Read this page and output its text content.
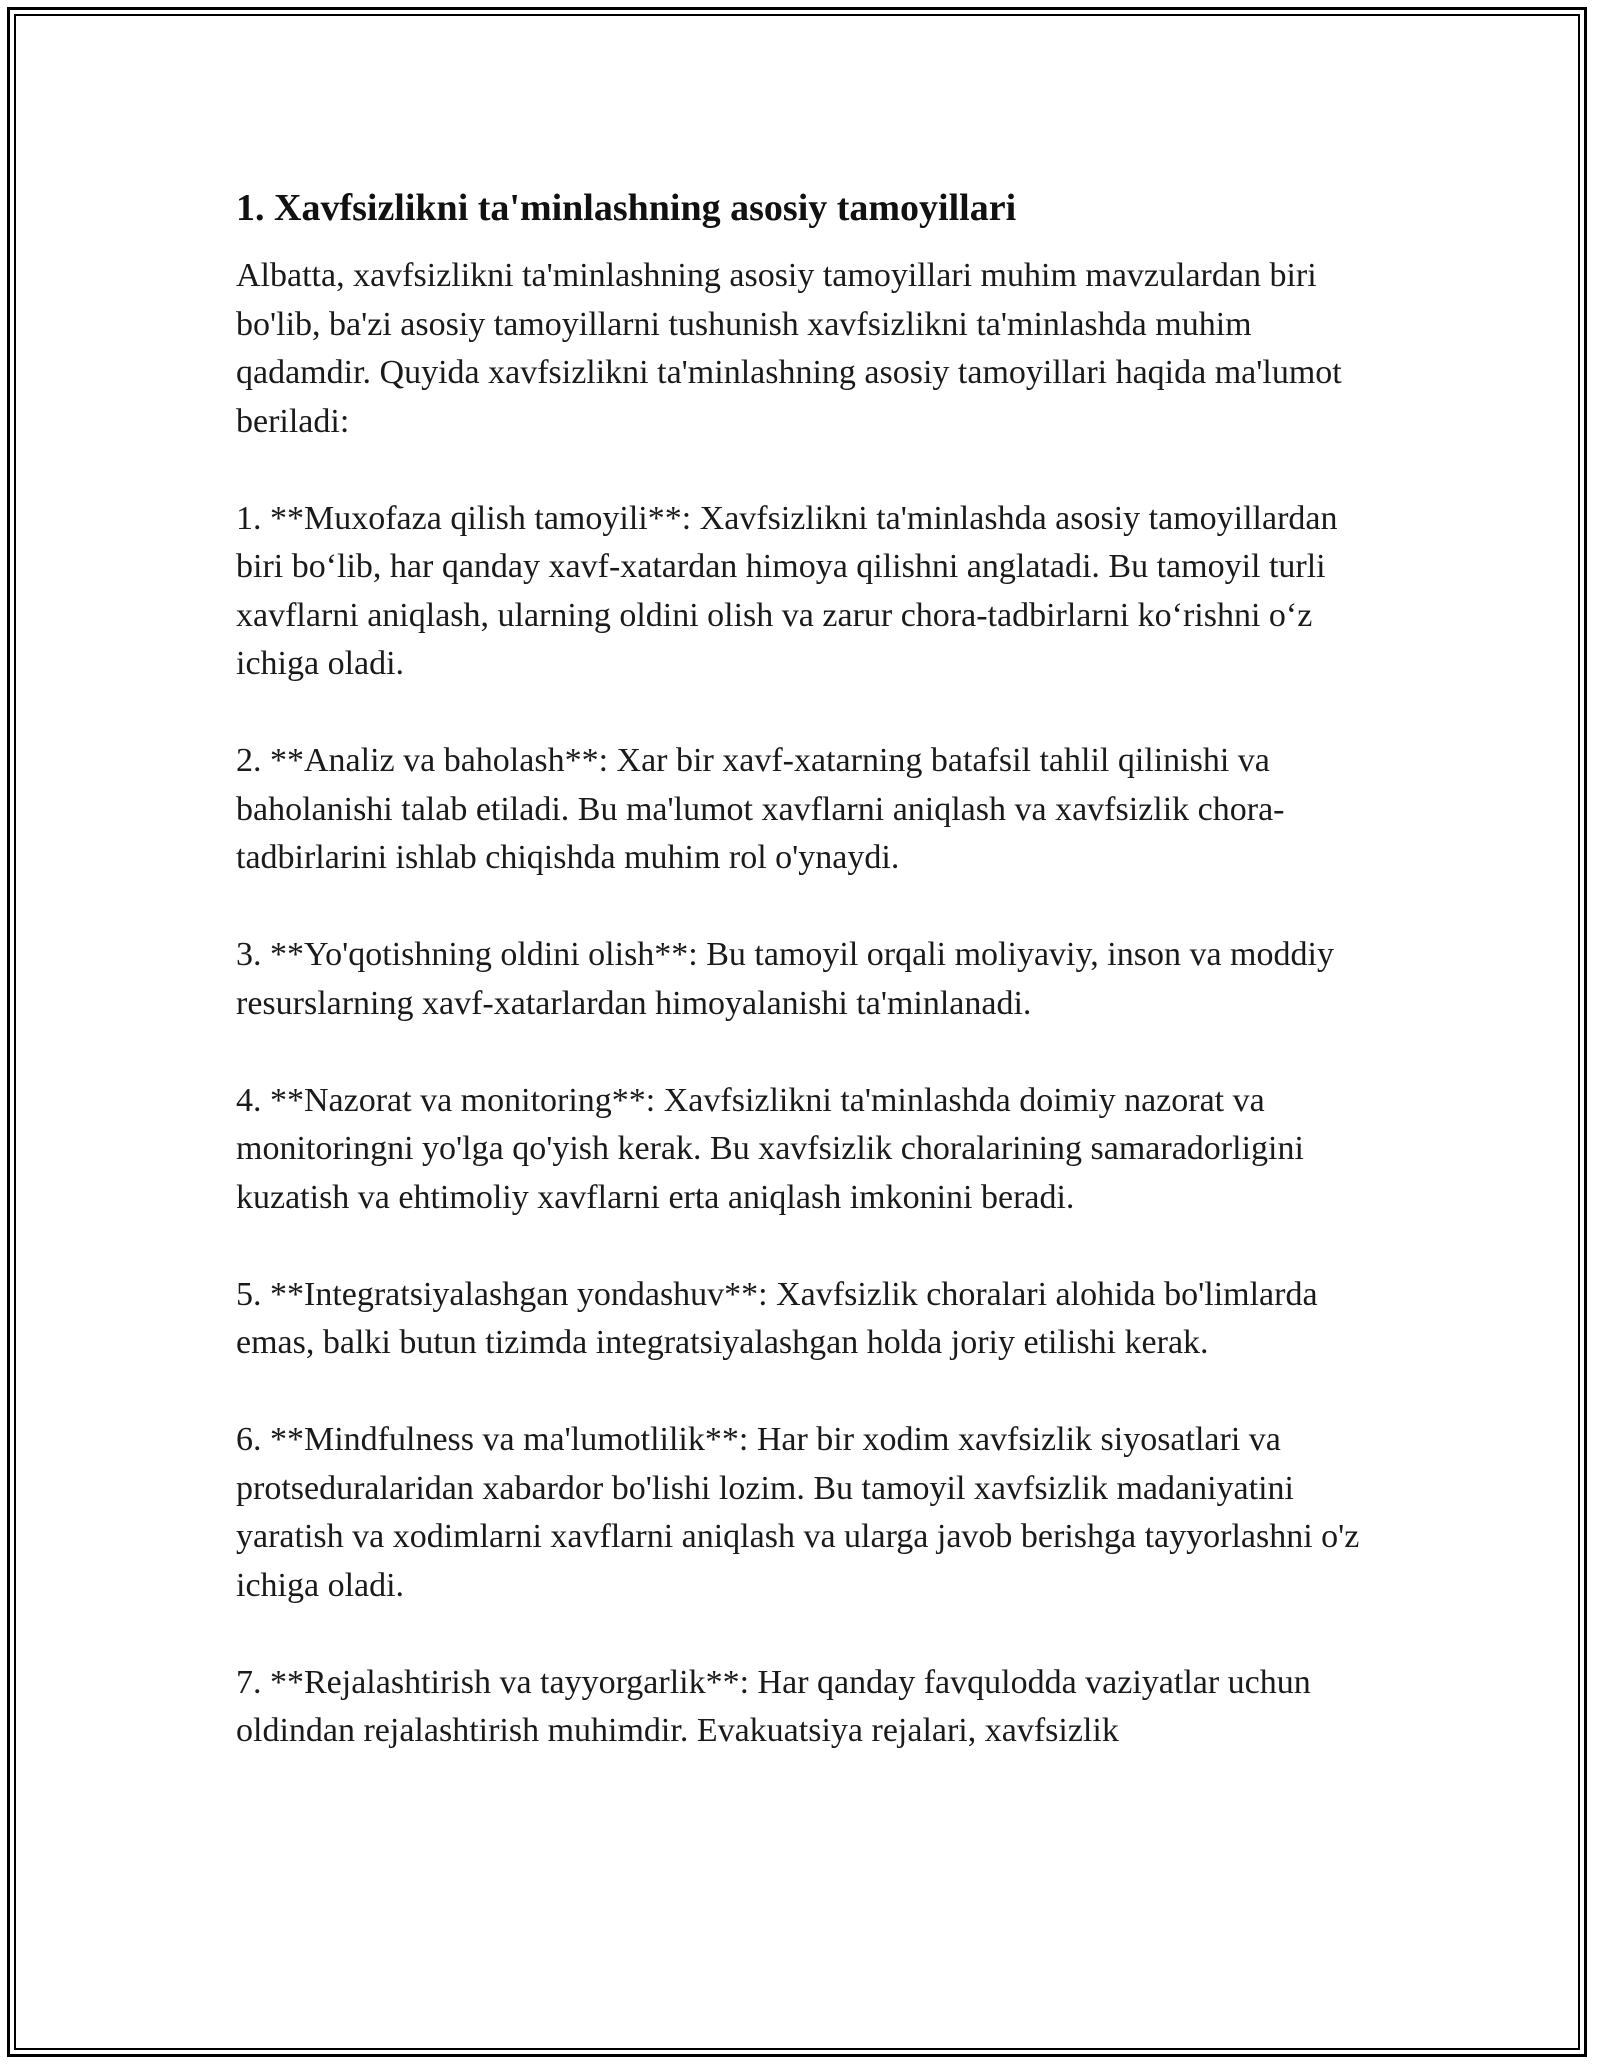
1. Xavfsizlikni ta'minlashning asosiy tamoyillari

Albatta, xavfsizlikni ta'minlashning asosiy tamoyillari muhim mavzulardan biri bo'lib, ba'zi asosiy tamoyillarni tushunish xavfsizlikni ta'minlashda muhim qadamdir. Quyida xavfsizlikni ta'minlashning asosiy tamoyillari haqida ma'lumot beriladi:

1. **Muxofaza qilish tamoyili**: Xavfsizlikni ta'minlashda asosiy tamoyillardan biri bo‘lib, har qanday xavf-xatardan himoya qilishni anglatadi. Bu tamoyil turli xavflarni aniqlash, ularning oldini olish va zarur chora-tadbirlarni ko‘rishni o‘z ichiga oladi.

2. **Analiz va baholash**: Xar bir xavf-xatarning batafsil tahlil qilinishi va baholanishi talab etiladi. Bu ma'lumot xavflarni aniqlash va xavfsizlik chora-tadbirlarini ishlab chiqishda muhim rol o'ynaydi.

3. **Yo'qotishning oldini olish**: Bu tamoyil orqali moliyaviy, inson va moddiy resurslarning xavf-xatarlardan himoyalanishi ta'minlanadi.

4. **Nazorat va monitoring**: Xavfsizlikni ta'minlashda doimiy nazorat va monitoringni yo'lga qo'yish kerak. Bu xavfsizlik choralarining samaradorligini kuzatish va ehtimoliy xavflarni erta aniqlash imkonini beradi.

5. **Integratsiyalashgan yondashuv**: Xavfsizlik choralari alohida bo'limlarda emas, balki butun tizimda integratsiyalashgan holda joriy etilishi kerak.

6. **Mindfulness va ma'lumotlilik**: Har bir xodim xavfsizlik siyosatlari va protseduralaridan xabardor bo'lishi lozim. Bu tamoyil xavfsizlik madaniyatini yaratish va xodimlarni xavflarni aniqlash va ularga javob berishga tayyorlashni o'z ichiga oladi.

7. **Rejalashtirish va tayyorgarlik**: Har qanday favqulodda vaziyatlar uchun oldindan rejalashtirish muhimdir. Evakuatsiya rejalari, xavfsizlik
